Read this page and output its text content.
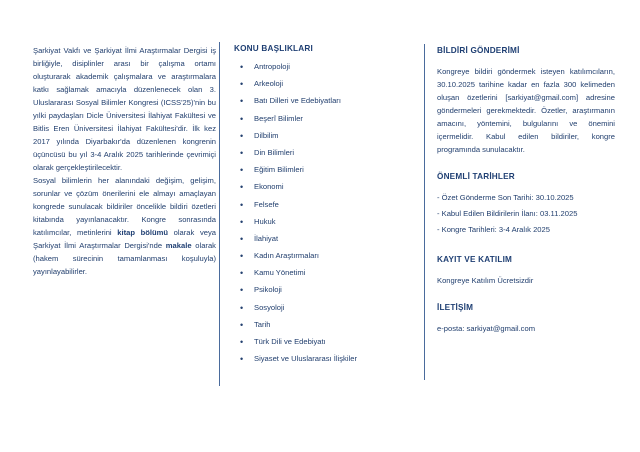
Şarkiyat Vakfı ve Şarkiyat İlmi Araştırmalar Dergisi iş birliğiyle, disiplinler arası bir çalışma ortamı oluşturarak akademik çalışmalara ve araştırmalara katkı sağlamak amacıyla düzenlenecek olan 3. Uluslararası Sosyal Bilimler Kongresi (ICSS'25)'nin bu yılki paydaşları Dicle Üniversitesi İlahiyat Fakültesi ve Bitlis Eren Üniversitesi İlahiyat Fakültesi'dir. İlk kez 2017 yılında Diyarbakır'da düzenlenen kongrenin üçüncüsü bu yıl 3-4 Aralık 2025 tarihlerinde çevrimiçi olarak gerçekleştirilecektir.

Sosyal bilimlerin her alanındaki değişim, gelişim, sorunlar ve çözüm önerilerini ele almayı amaçlayan kongrede sunulacak bildiriler öncelikle bildiri özetleri kitabında yayınlanacaktır. Kongre sonrasında katılımcılar, metinlerini kitap bölümü olarak veya Şarkiyat İlmi Araştırmalar Dergisi'nde makale olarak (hakem sürecinin tamamlanması koşuluyla) yayınlayabilirler.

KONU BAŞLIKLARI
• Antropoloji
• Arkeoloji
• Batı Dilleri ve Edebiyatları
• Beşerî Bilimler
• Dilbilim
• Din Bilimleri
• Eğitim Bilimleri
• Ekonomi
• Felsefe
• Hukuk
• İlahiyat
• Kadın Araştırmaları
• Kamu Yönetimi
• Psikoloji
• Sosyoloji
• Tarih
• Türk Dili ve Edebiyatı
• Siyaset ve Uluslararası İlişkiler
BİLDİRİ GÖNDERİMİ

Kongreye bildiri göndermek isteyen katılımcıların, 30.10.2025 tarihine kadar en fazla 300 kelimeden oluşan özetlerini [sarkiyat@gmail.com] adresine göndermeleri gerekmektedir. Özetler, araştırmanın amacını, yöntemini, bulgularını ve önemini içermelidir. Kabul edilen bildiriler, kongre programında sunulacaktır.

ÖNEMLİ TARİHLER
- Özet Gönderme Son Tarihi: 30.10.2025
- Kabul Edilen Bildirilerin İlanı: 03.11.2025
- Kongre Tarihleri: 3-4 Aralık 2025
KAYIT VE KATILIM

Kongreye Katılım Ücretsizdir

İLETİŞİM

e-posta: sarkiyat@gmail.com
